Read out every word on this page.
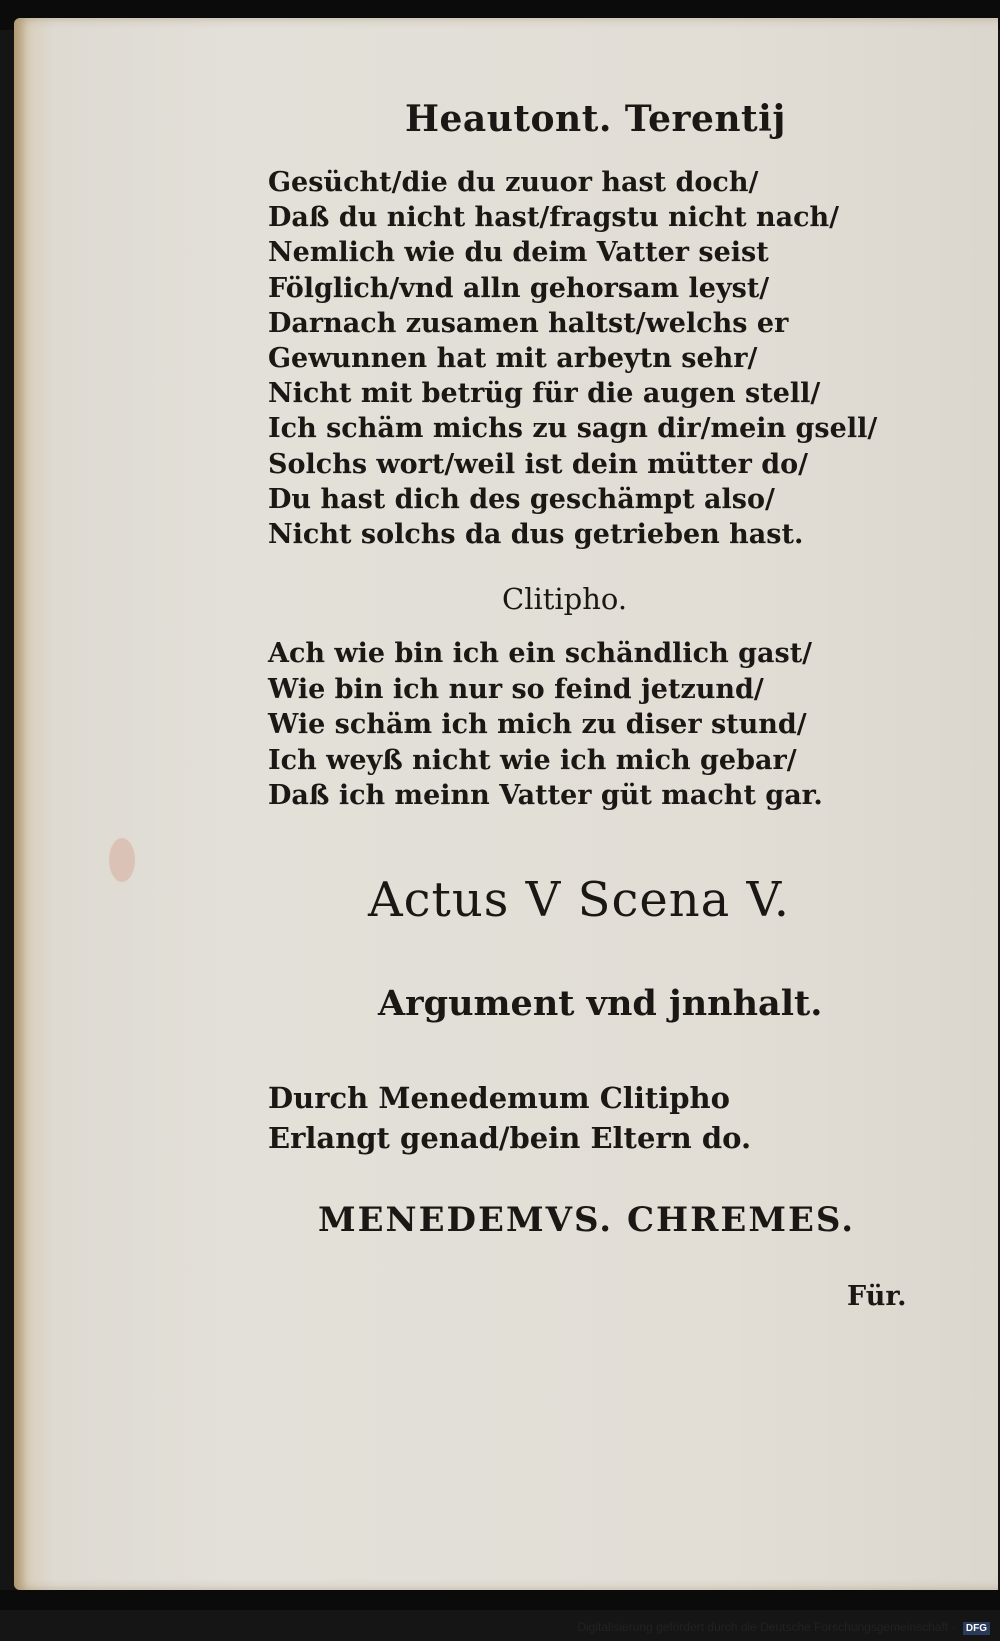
Heautont. Terentij
Gesücht/die du zuuor hast doch/
Daß du nicht hast/fragstu nicht nach/
Nemlich wie du deim Vatter seist
Fölglich/vnd alln gehorsam leyst/
Darnach zusamen haltst/welchs er
Gewunnen hat mit arbeytn sehr/
Nicht mit betrüg für die augen stell/
Ich schäm michs zu sagn dir/mein gsell/
Solchs wort/weil ist dein mütter do/
Du hast dich des geschämpt also/
Nicht solchs da dus getrieben hast.
Clitipho.
Ach wie bin ich ein schändlich gast/
Wie bin ich nur so feind jetzund/
Wie schäm ich mich zu diser stund/
Ich weyß nicht wie ich mich gebar/
Daß ich meinn Vatter güt macht gar.
Actus V Scena V.
Argument vnd jnnhalt.
Durch Menedemum Clitipho
Erlangt genad/bein Eltern do.
MENEDEMVS. CHREMES.
Für.
Digitalisierung gefördert durch die Deutsche Forschungsgemeinschaft · DFG
